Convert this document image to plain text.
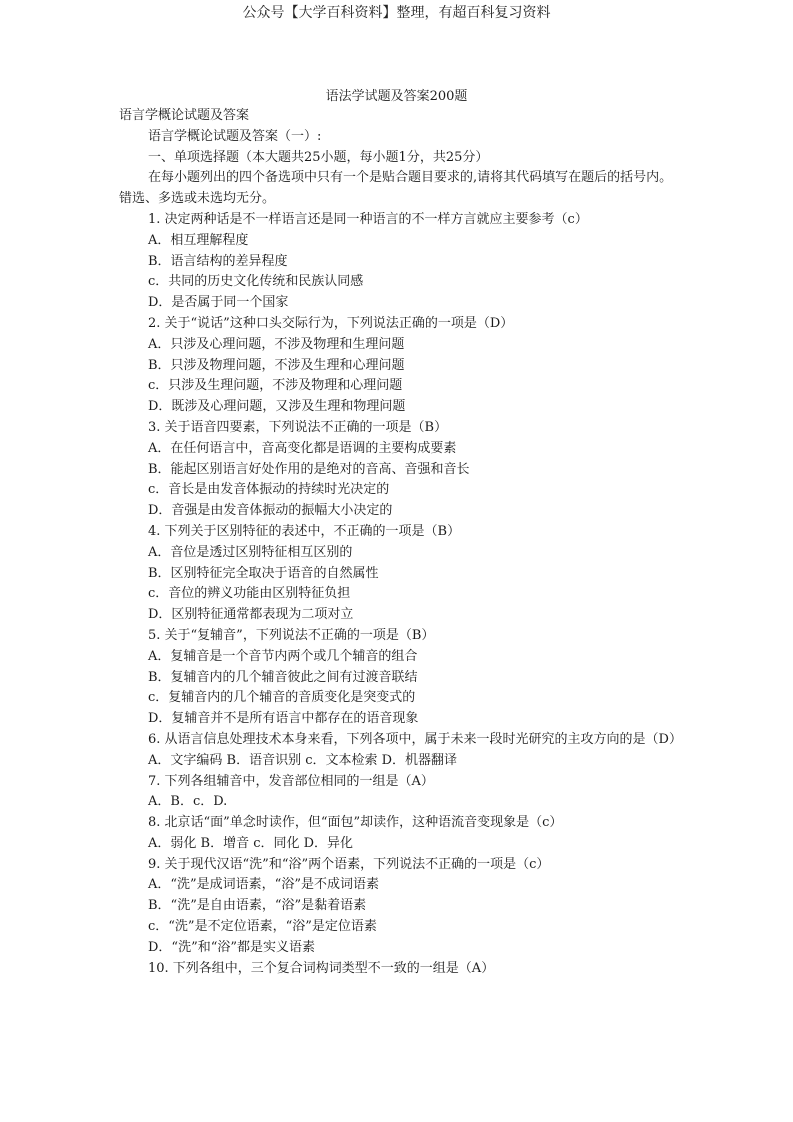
公众号【大学百科资料】整理，有超百科复习资料
语法学试题及答案200题
语言学概论试题及答案
语言学概论试题及答案（一）:
一、单项选择题（本大题共25小题，每小题1分，共25分）
在每小题列出的四个备选项中只有一个是贴合题目要求的,请将其代码填写在题后的括号内。错选、多选或未选均无分。
1. 决定两种话是不一样语言还是同一种语言的不一样方言就应主要参考（c）
A．相互理解程度
B．语言结构的差异程度
c．共同的历史文化传统和民族认同感
D．是否属于同一个国家
2. 关于“说话”这种口头交际行为，下列说法正确的一项是（D）
A．只涉及心理问题，不涉及物理和生理问题
B．只涉及物理问题，不涉及生理和心理问题
c．只涉及生理问题，不涉及物理和心理问题
D．既涉及心理问题，又涉及生理和物理问题
3. 关于语音四要素，下列说法不正确的一项是（B）
A．在任何语言中，音高变化都是语调的主要构成要素
B．能起区别语言好处作用的是绝对的音高、音强和音长
c．音长是由发音体振动的持续时光决定的
D．音强是由发音体振动的振幅大小决定的
4. 下列关于区别特征的表述中，不正确的一项是（B）
A．音位是透过区别特征相互区别的
B．区别特征完全取决于语音的自然属性
c．音位的辨义功能由区别特征负担
D．区别特征通常都表现为二项对立
5. 关于“复辅音”，下列说法不正确的一项是（B）
A．复辅音是一个音节内两个或几个辅音的组合
B．复辅音内的几个辅音彼此之间有过渡音联结
c．复辅音内的几个辅音的音质变化是突变式的
D．复辅音并不是所有语言中都存在的语音现象
6. 从语言信息处理技术本身来看，下列各项中，属于未来一段时光研究的主攻方向的是（D）
A．文字编码 B．语音识别 c．文本检索 D．机器翻译
7. 下列各组辅音中，发音部位相同的一组是（A）
A．B．c．D.
8. 北京话“面”单念时读作，但“面包”却读作，这种语流音变现象是（c）
A．弱化 B．增音 c．同化 D．异化
9. 关于现代汉语“洗”和“浴”两个语素，下列说法不正确的一项是（c）
A．“洗”是成词语素，“浴”是不成词语素
B．“洗”是自由语素，“浴”是黏着语素
c．“洗”是不定位语素，“浴”是定位语素
D．“洗”和“浴”都是实义语素
10. 下列各组中，三个复合词构词类型不一致的一组是（A）
